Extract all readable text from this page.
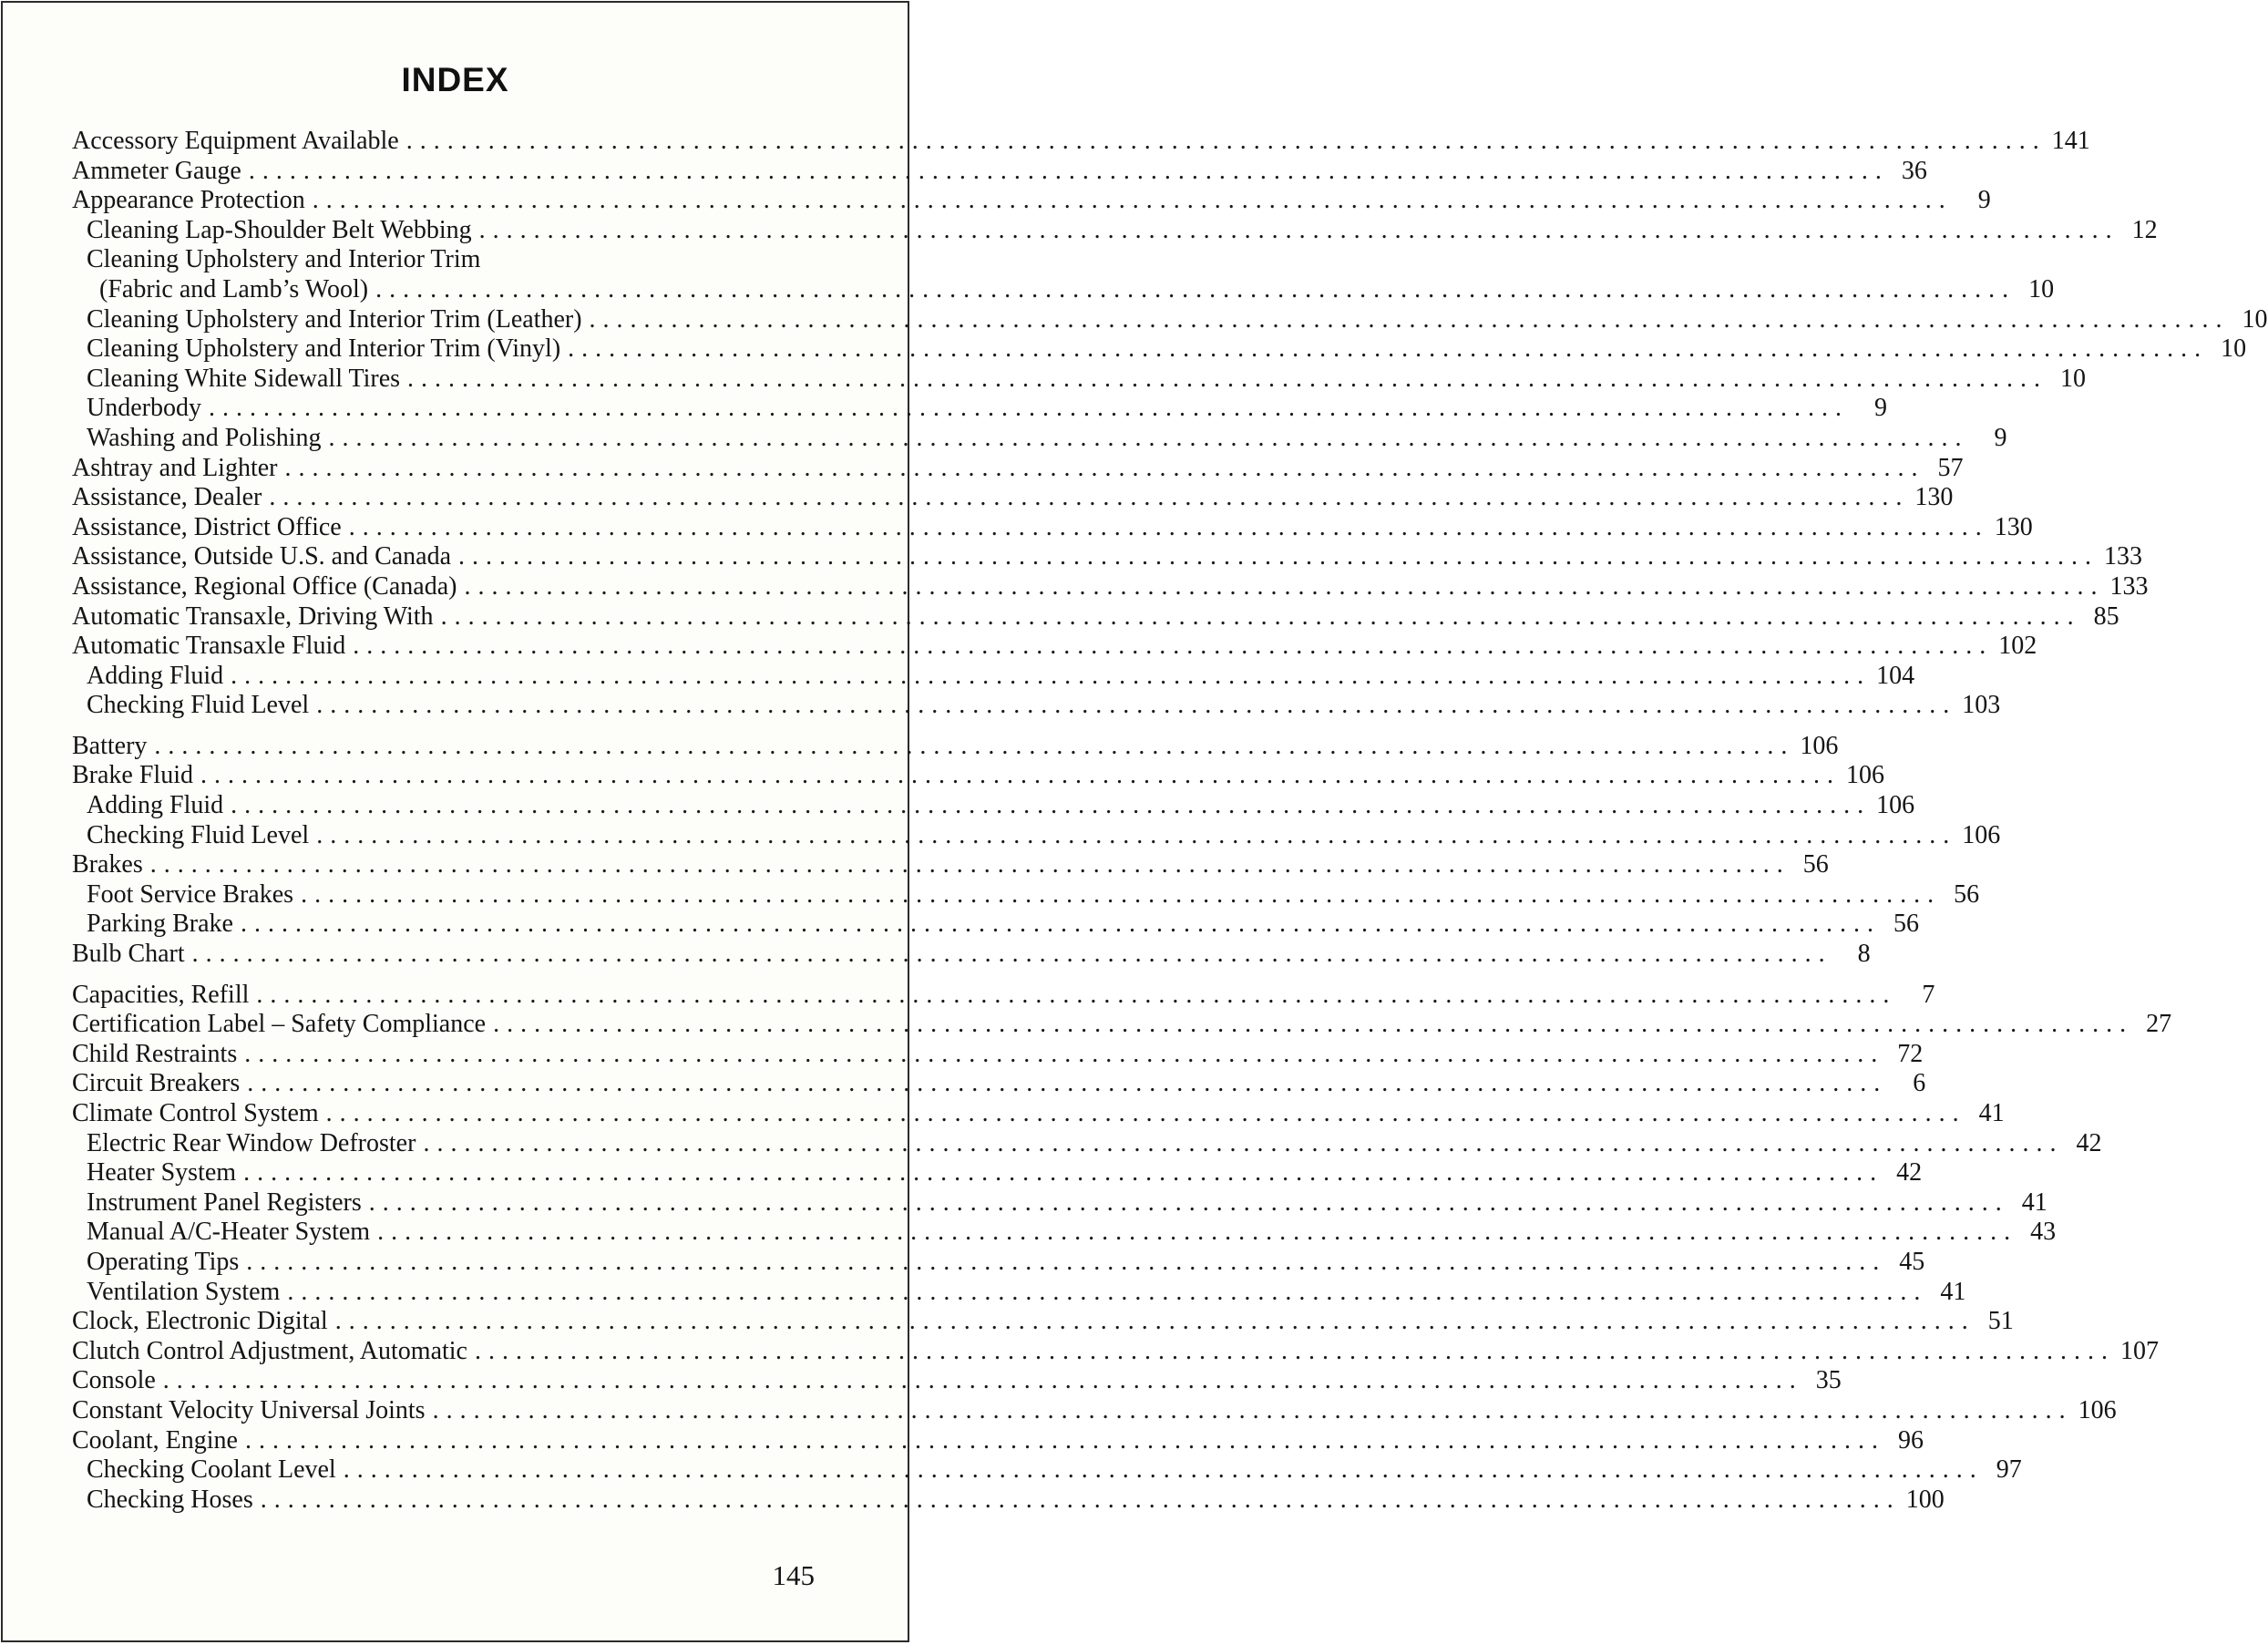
INDEX
Accessory Equipment Available ........................................................................................................................ 141
Ammeter Gauge ........................................................................................................................ 36
Appearance Protection ........................................................................................................................	9
Cleaning Lap-Shoulder Belt Webbing ........................................................................................................................ 12
Cleaning Upholstery and Interior Trim
(Fabric and Lamb’s Wool) ........................................................................................................................ 10
Cleaning Upholstery and Interior Trim (Leather) ........................................................................................................................ 10
Cleaning Upholstery and Interior Trim (Vinyl) ........................................................................................................................ 10
Cleaning White Sidewall Tires ........................................................................................................................ 10
Underbody ........................................................................................................................	9
Washing and Polishing ........................................................................................................................	9
Ashtray and Lighter ........................................................................................................................ 57
Assistance, Dealer ........................................................................................................................ 130
Assistance, District Office ........................................................................................................................ 130
Assistance, Outside U.S. and Canada ........................................................................................................................ 133
Assistance, Regional Office (Canada) ........................................................................................................................ 133
Automatic Transaxle, Driving With ........................................................................................................................ 85
Automatic Transaxle Fluid ........................................................................................................................ 102
Adding Fluid ........................................................................................................................ 104
Checking Fluid Level ........................................................................................................................ 103
Battery ........................................................................................................................ 106
Brake Fluid ........................................................................................................................ 106
Adding Fluid ........................................................................................................................ 106
Checking Fluid Level ........................................................................................................................ 106
Brakes ........................................................................................................................ 56
Foot Service Brakes ........................................................................................................................ 56
Parking Brake ........................................................................................................................ 56
Bulb Chart ........................................................................................................................	8
Capacities, Refill ........................................................................................................................	7
Certification Label – Safety Compliance ........................................................................................................................ 27
Child Restraints ........................................................................................................................ 72
Circuit Breakers ........................................................................................................................	6
Climate Control System ........................................................................................................................ 41
Electric Rear Window Defroster ........................................................................................................................ 42
Heater System ........................................................................................................................ 42
Instrument Panel Registers ........................................................................................................................ 41
Manual A/C-Heater System ........................................................................................................................ 43
Operating Tips ........................................................................................................................ 45
Ventilation System ........................................................................................................................ 41
Clock, Electronic Digital ........................................................................................................................ 51
Clutch Control Adjustment, Automatic ........................................................................................................................ 107
Console ........................................................................................................................ 35
Constant Velocity Universal Joints ........................................................................................................................ 106
Coolant, Engine ........................................................................................................................ 96
Checking Coolant Level ........................................................................................................................ 97
Checking Hoses ........................................................................................................................ 100
145
